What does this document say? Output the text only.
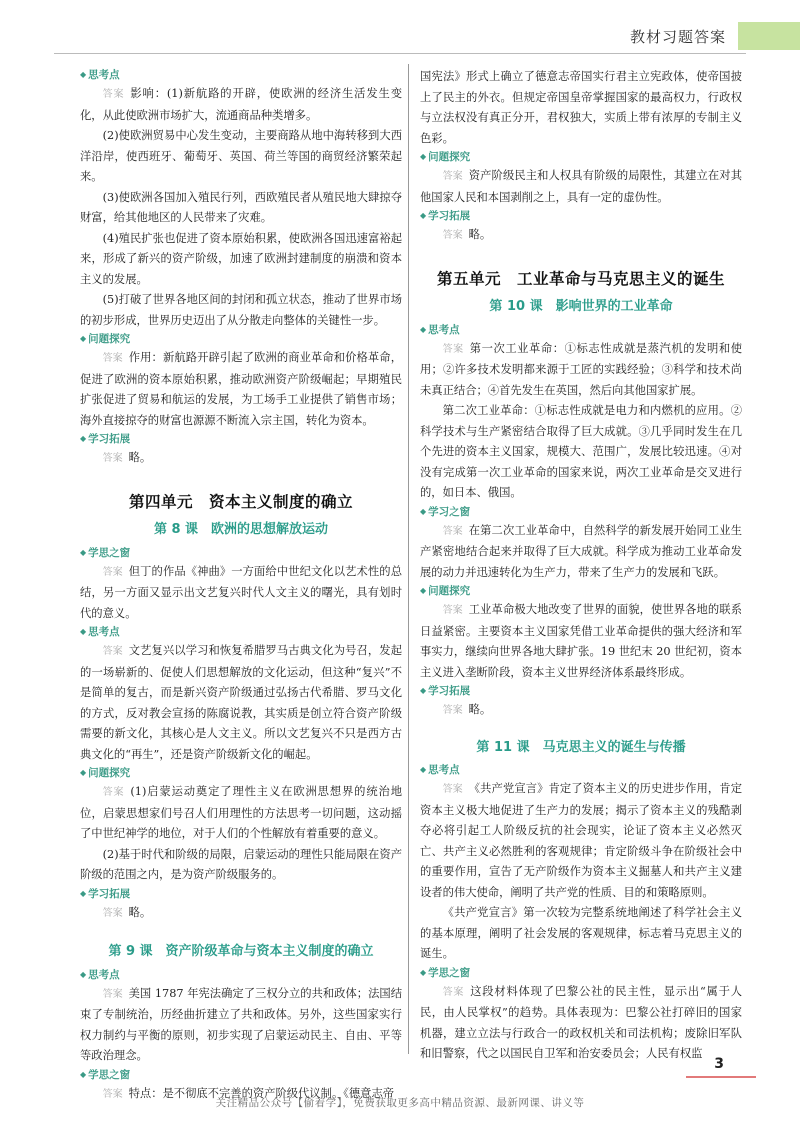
教材习题答案
◆ 思考点
答案 影响：(1)新航路的开辟，使欧洲的经济生活发生变化，从此使欧洲市场扩大，流通商品种类增多。
(2)使欧洲贸易中心发生变动，主要商路从地中海转移到大西洋沿岸，使西班牙、葡萄牙、英国、荷兰等国的商贸经济繁荣起来。
(3)使欧洲各国加入殖民行列，西欧殖民者从殖民地大肆掠夺财富，给其他地区的人民带来了灾难。
(4)殖民扩张也促进了资本原始积累，使欧洲各国迅速富裕起来，形成了新兴的资产阶级，加速了欧洲封建制度的崩溃和资本主义的发展。
(5)打破了世界各地区间的封闭和孤立状态，推动了世界市场的初步形成，世界历史迈出了从分散走向整体的关键性一步。
◆ 问题探究
答案 作用：新航路开辟引起了欧洲的商业革命和价格革命，促进了欧洲的资本原始积累，推动欧洲资产阶级崛起；早期殖民扩张促进了贸易和航运的发展，为工场手工业提供了销售市场；海外直接掠夺的财富也源源不断流入宗主国，转化为资本。
◆ 学习拓展
答案 略。
第四单元　资本主义制度的确立
第 8 课　欧洲的思想解放运动
◆ 学思之窗
答案 但丁的作品《神曲》一方面给中世纪文化以艺术性的总结，另一方面又显示出文艺复兴时代人文主义的曙光，具有划时代的意义。
◆ 思考点
答案 文艺复兴以学习和恢复希腊罗马古典文化为号召，发起的一场崭新的、促使人们思想解放的文化运动，但这种“复兴”不是简单的复古，而是新兴资产阶级通过弘扬古代希腊、罗马文化的方式，反对教会宣扬的陈腐说教，其实质是创立符合资产阶级需要的新文化，其核心是人文主义。所以文艺复兴不只是西方古典文化的“再生”，还是资产阶级新文化的崛起。
◆ 问题探究
答案 (1)启蒙运动奠定了理性主义在欧洲思想界的统治地位，启蒙思想家们号召人们用理性的方法思考一切问题，这动摇了中世纪神学的地位，对于人们的个性解放有着重要的意义。
(2)基于时代和阶级的局限，启蒙运动的理性只能局限在资产阶级的范围之内，是为资产阶级服务的。
◆ 学习拓展
答案 略。
第 9 课　资产阶级革命与资本主义制度的确立
◆ 思考点
答案 美国 1787 年宪法确定了三权分立的共和政体；法国结束了专制统治，历经曲折建立了共和政体。另外，这些国家实行权力制约与平衡的原则，初步实现了启蒙运动民主、自由、平等等政治理念。
◆ 学思之窗
答案 特点：是不彻底不完善的资产阶级代议制。《德意志帝
国宪法》形式上确立了德意志帝国实行君主立宪政体，使帝国披上了民主的外衣。但规定帝国皇帝掌握国家的最高权力，行政权与立法权没有真正分开，君权独大，实质上带有浓厚的专制主义色彩。
◆ 问题探究
答案 资产阶级民主和人权具有阶级的局限性，其建立在对其他国家人民和本国剥削之上，具有一定的虚伪性。
◆ 学习拓展
答案 略。
第五单元　工业革命与马克思主义的诞生
第 10 课　影响世界的工业革命
◆ 思考点
答案 第一次工业革命：①标志性成就是蒸汽机的发明和使用；②许多技术发明都来源于工匠的实践经验；③科学和技术尚未真正结合；④首先发生在英国，然后向其他国家扩展。
第二次工业革命：①标志性成就是电力和内燃机的应用。②科学技术与生产紧密结合取得了巨大成就。③几乎同时发生在几个先进的资本主义国家，规模大、范围广，发展比较迅速。④对没有完成第一次工业革命的国家来说，两次工业革命是交叉进行的，如日本、俄国。
◆ 学习之窗
答案 在第二次工业革命中，自然科学的新发展开始同工业生产紧密地结合起来并取得了巨大成就。科学成为推动工业革命发展的动力并迅速转化为生产力，带来了生产力的发展和飞跃。
◆ 问题探究
答案 工业革命极大地改变了世界的面貌，使世界各地的联系日益紧密。主要资本主义国家凭借工业革命提供的强大经济和军事实力，继续向世界各地大肆扩张。19 世纪末 20 世纪初，资本主义进入垄断阶段，资本主义世界经济体系最终形成。
◆ 学习拓展
答案 略。
第 11 课　马克思主义的诞生与传播
◆ 思考点
答案 《共产党宣言》肯定了资本主义的历史进步作用，肯定资本主义极大地促进了生产力的发展；揭示了资本主义的残酷剥夺必将引起工人阶级反抗的社会现实，论证了资本主义必然灭亡、共产主义必然胜利的客观规律；肯定阶级斗争在阶级社会中的重要作用，宣告了无产阶级作为资本主义掘墓人和共产主义建设者的伟大使命，阐明了共产党的性质、目的和策略原则。
《共产党宣言》第一次较为完整系统地阐述了科学社会主义的基本原理，阐明了社会发展的客观规律，标志着马克思主义的诞生。
◆ 学思之窗
答案 这段材料体现了巴黎公社的民主性，显示出“属于人民，由人民掌权”的趋势。具体表现为：巴黎公社打碎旧的国家机器，建立立法与行政合一的政权机关和司法机构；废除旧军队和旧警察，代之以国民自卫军和治安委员会；人民有权监
3
关注精品公众号【偷着学】，免费获取更多高中精品资源、最新网课、讲义等
